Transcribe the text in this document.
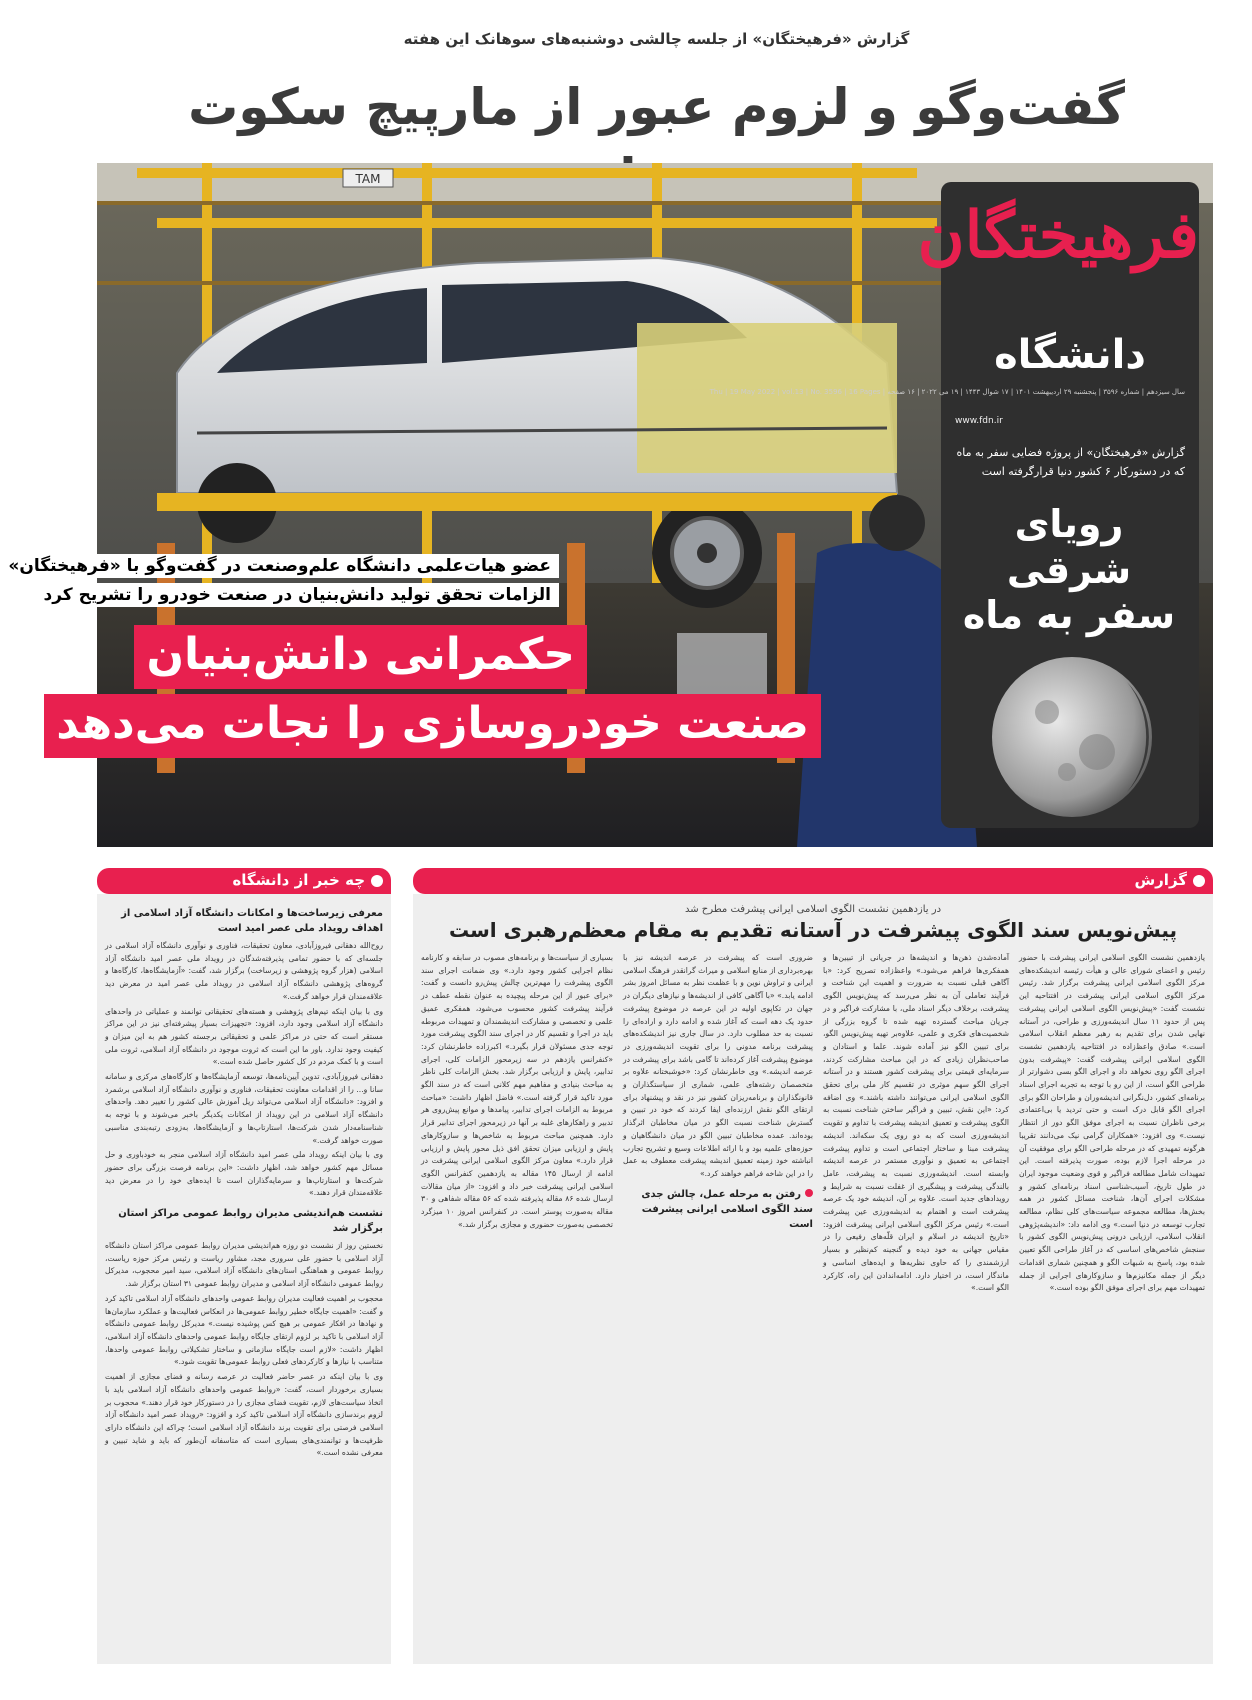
گزارش «فرهیختگان» از جلسه چالشی دوشنبه‌های سوهانک این هفته
گفت‌وگو و لزوم عبور از مارپیچ سکوت
TAM
عضو هیات‌علمی دانشگاه علم‌وصنعت در گفت‌وگو با «فرهیختگان»
الزامات تحقق تولید دانش‌بنیان در صنعت خودرو را تشریح کرد
حکمرانی دانش‌بنیان
صنعت خودروسازی را نجات می‌دهد
فرهیختگان
دانشگاه
سال سیزدهم | شماره ۳۵۹۶ | پنجشنبه ۲۹ اردیبهشت ۱۴۰۱ | ۱۷ شوال ۱۴۴۳ | ۱۹ می ۲۰۲۲ | ۱۶ صفحه | Thu | 19 May 2022 | vol.13 | No. 3596 | 16 Pages
www.fdn.ir
گزارش «فرهیختگان» از پروژه فضایی سفر به ماه که در دستورکار ۶ کشور دنیا قرارگرفته است
رویای شرقی
سفر به ماه
چه خبر از دانشگاه	گزارش
در یازدهمین نشست الگوی اسلامی ایرانی پیشرفت مطرح شد
پیش‌نویس سند الگوی پیشرفت در آستانه تقدیم به مقام معظم‌رهبری است
معرفی زیرساخت‌ها و امکانات دانشگاه آزاد اسلامی از اهداف رویداد ملی عصر امید است

روح‌الله دهقانی فیروزآبادی، معاون تحقیقات، فناوری و نوآوری دانشگاه آزاد اسلامی در جلسه‌ای که با حضور تمامی پذیرفته‌شدگان در رویداد ملی عصر امید دانشگاه آزاد اسلامی (هزار گروه پژوهشی و زیرساخت) برگزار شد، گفت: «آزمایشگاه‌ها، کارگاه‌ها و گروه‌های پژوهشی دانشگاه آزاد اسلامی در رویداد ملی عصر امید در معرض دید علاقه‌مندان قرار خواهد گرفت.»

وی با بیان اینکه تیم‌های پژوهشی و هسته‌های تحقیقاتی توانمند و عملیاتی در واحدهای دانشگاه آزاد اسلامی وجود دارد، افزود: «تجهیزات بسیار پیشرفته‌ای نیز در این مراکز مستقر است که حتی در مراکز علمی و تحقیقاتی برجسته کشور هم به این میزان و کیفیت وجود ندارد. باور ما این است که ثروت موجود در دانشگاه آزاد اسلامی، ثروت ملی است و با کمک مردم در کل کشور حاصل شده است.»

دهقانی فیروزآبادی، تدوین آیین‌نامه‌ها، توسعه آزمایشگاه‌ها و کارگاه‌های مرکزی و سامانه سانا و... را از اقدامات معاونت تحقیقات، فناوری و نوآوری دانشگاه آزاد اسلامی برشمرد و افزود: «دانشگاه آزاد اسلامی می‌تواند ریل آموزش عالی کشور را تغییر دهد. واحدهای دانشگاه آزاد اسلامی در این رویداد از امکانات یکدیگر باخبر می‌شوند و با توجه به شناسنامه‌دار شدن شرکت‌ها، استارتاپ‌ها و آزمایشگاه‌ها، به‌زودی رتبه‌بندی مناسبی صورت خواهد گرفت.»

وی با بیان اینکه رویداد ملی عصر امید دانشگاه آزاد اسلامی منجر به خودباوری و حل مسائل مهم کشور خواهد شد، اظهار داشت: «این برنامه فرصت بزرگی برای حضور شرکت‌ها و استارتاپ‌ها و سرمایه‌گذاران است تا ایده‌های خود را در معرض دید علاقه‌مندان قرار دهند.»

نشست هم‌اندیشی مدیران روابط عمومی مراکز استان برگزار شد

نخستین روز از نشست دو روزه هم‌اندیشی مدیران روابط عمومی مراکز استان دانشگاه آزاد اسلامی با حضور علی سروری مجد، مشاور ریاست و رئیس مرکز حوزه ریاست، روابط عمومی و هماهنگی استان‌های دانشگاه آزاد اسلامی، سید امیر محجوب، مدیرکل روابط عمومی دانشگاه آزاد اسلامی و مدیران روابط عمومی ۳۱ استان برگزار شد.

محجوب بر اهمیت فعالیت مدیران روابط عمومی واحدهای دانشگاه آزاد اسلامی تاکید کرد و گفت: «اهمیت جایگاه خطیر روابط عمومی‌ها در انعکاس فعالیت‌ها و عملکرد سازمان‌ها و نهادها در افکار عمومی بر هیچ کس پوشیده نیست.» مدیرکل روابط عمومی دانشگاه آزاد اسلامی با تاکید بر لزوم ارتقای جایگاه روابط عمومی واحدهای دانشگاه آزاد اسلامی، اظهار داشت: «لازم است جایگاه سازمانی و ساختار تشکیلاتی روابط عمومی واحدها، متناسب با نیازها و کارکردهای فعلی روابط عمومی‌ها تقویت شود.»

وی با بیان اینکه در عصر حاضر فعالیت در عرصه رسانه و فضای مجازی از اهمیت بسیاری برخوردار است، گفت: «روابط عمومی واحدهای دانشگاه آزاد اسلامی باید با اتخاذ سیاست‌های لازم، تقویت فضای مجازی را در دستورکار خود قرار دهند.» محجوب بر لزوم برندسازی دانشگاه آزاد اسلامی تاکید کرد و افزود: «رویداد عصر امید دانشگاه آزاد اسلامی فرصتی برای تقویت برند دانشگاه آزاد اسلامی است؛ چراکه این دانشگاه دارای ظرفیت‌ها و توانمندی‌های بسیاری است که متاسفانه آن‌طور که باید و شاید تبیین و معرفی نشده است.»

یازدهمین نشست الگوی اسلامی ایرانی پیشرفت با حضور رئیس و اعضای شورای عالی و هیأت رئیسه اندیشکده‌های مرکز الگوی اسلامی ایرانی پیشرفت برگزار شد. رئیس مرکز الگوی اسلامی ایرانی پیشرفت در افتتاحیه این نشست گفت: «پیش‌نویس الگوی اسلامی ایرانی پیشرفت پس از حدود ۱۱ سال اندیشه‌ورزی و طراحی، در آستانه نهایی شدن برای تقدیم به رهبر معظم انقلاب اسلامی است.» صادق واعظ‌زاده در افتتاحیه یازدهمین نشست الگوی اسلامی ایرانی پیشرفت گفت: «پیشرفت بدون اجرای الگو روی نخواهد داد و اجرای الگو بسی دشوارتر از طراحی الگو است، از این رو با توجه به تجربه اجرای اسناد برنامه‌ای کشور، دل‌نگرانی اندیشه‌وران و طراحان الگو برای اجرای الگو قابل درک است و حتی تردید یا بی‌اعتمادی برخی ناظران نسبت به اجرای موفق الگو دور از انتظار نیست.» وی افزود: «همکاران گرامی نیک می‌دانند تقریبا هرگونه تمهیدی که در مرحله طراحی الگو برای موفقیت آن در مرحله اجرا لازم بوده، صورت پذیرفته است. این تمهیدات شامل مطالعه فراگیر و قوی وضعیت موجود ایران در طول تاریخ، آسیب‌شناسی اسناد برنامه‌ای کشور و مشکلات اجرای آن‌ها، شناخت مسائل کشور در همه بخش‌ها، مطالعه مجموعه سیاست‌های کلی نظام، مطالعه تجارب توسعه در دنیا است.» وی ادامه داد: «اندیشه‌پژوهی انقلاب اسلامی، ارزیابی درونی پیش‌نویس الگوی کشور با سنجش شاخص‌های اساسی که در آغاز طراحی الگو تعیین شده بود، پاسخ به شبهات الگو و همچنین شماری اقدامات دیگر از جمله مکانیزم‌ها و سازوکارهای اجرایی از جمله تمهیدات مهم برای اجرای موفق الگو بوده است.»

آماده‌شدن ذهن‌ها و اندیشه‌ها در جریانی از تبیین‌ها و همفکری‌ها فراهم می‌شود.» واعظ‌زاده تصریح کرد: «با آگاهی قبلی نسبت به ضرورت و اهمیت این شناخت و فرآیند تعاملی آن به نظر می‌رسد که پیش‌نویس الگوی پیشرفت، برخلاف دیگر اسناد ملی، با مشارکت فراگیر و در جریان مباحث گسترده تهیه شده تا گروه بزرگی از شخصیت‌های فکری و علمی، علاوه‌بر تهیه پیش‌نویس الگو، برای تبیین الگو نیز آماده شوند. علما و استادان و صاحب‌نظران زیادی که در این مباحث مشارکت کردند، سرمایه‌ای قیمتی برای پیشرفت کشور هستند و در آستانه اجرای الگو سهم موثری در تقسیم کار ملی برای تحقق الگوی اسلامی ایرانی می‌توانند داشته باشند.» وی اضافه کرد: «این نقش، تبیین و فراگیر ساختن شناخت نسبت به الگوی پیشرفت و تعمیق اندیشه پیشرفت با تداوم و تقویت اندیشه‌ورزی است که به دو روی یک سکه‌اند. اندیشه پیشرفت مبنا و ساختار اجتماعی است و تداوم پیشرفت اجتماعی به تعمیق و نوآوری مستمر در عرصه اندیشه وابسته است. اندیشه‌ورزی نسبت به پیشرفت، عامل بالندگی پیشرفت و پیشگیری از غفلت نسبت به شرایط و رویدادهای جدید است. علاوه بر آن، اندیشه خود یک عرصه پیشرفت است و اهتمام به اندیشه‌ورزی عین پیشرفت است.» رئیس مرکز الگوی اسلامی ایرانی پیشرفت افزود: «تاریخ اندیشه در اسلام و ایران قلّه‌های رفیعی را در مقیاس جهانی به خود دیده و گنجینه کم‌نظیر و بسیار ارزشمندی را که حاوی نظریه‌ها و ایده‌های اساسی و ماندگار است، در اختیار دارد. ادامه‌اندادن این راه، کارکرد الگو است.»

ضروری است که پیشرفت در عرصه اندیشه نیز با بهره‌برداری از منابع اسلامی و میراث گرانقدر فرهنگ اسلامی ایرانی و تراوش نوین و با عظمت نظر به مسائل امروز بشر ادامه یابد.» «با آگاهی کافی از اندیشه‌ها و نیازهای دیگران در جهان در تکاپوی اولیه در این عرصه در موضوع پیشرفت حدود یک دهه است که آغاز شده و ادامه دارد و اراده‌ای را نسبت به حد مطلوب دارد. در سال جاری نیز اندیشکده‌های پیشرفت برنامه مدونی را برای تقویت اندیشه‌ورزی در موضوع پیشرفت آغاز کرده‌اند تا گامی باشد برای پیشرفت در عرصه اندیشه.» وی خاطرنشان کرد: «خوشبختانه علاوه بر متخصصان رشته‌های علمی، شماری از سیاستگذاران و قانونگذاران و برنامه‌ریزان کشور نیز در نقد و پیشنهاد برای ارتقای الگو نقش ارزنده‌ای ایفا کردند که خود در تبیین و گسترش شناخت نسبت الگو در میان مخاطبان اثرگذار بوده‌اند. عمده مخاطبان تبیین الگو در میان دانشگاهیان و حوزه‌های علمیه بود و با ارائه اطلاعات وسیع و تشریح تجارب انباشته خود زمینه تعمیق اندیشه پیشرفت معطوف به عمل را در این شاخه فراهم خواهند کرد.»

رفتن به مرحله عمل، چالش جدی سند الگوی اسلامی ایرانی پیشرفت است

بسیاری از سیاست‌ها و برنامه‌های مصوب در سابقه و کارنامه نظام اجرایی کشور وجود دارد.» وی ضمانت اجرای سند الگوی پیشرفت را مهم‌ترین چالش پیش‌رو دانست و گفت: «برای عبور از این مرحله پیچیده به عنوان نقطه عطف در فرآیند پیشرفت کشور محسوب می‌شود، همفکری عمیق علمی و تخصصی و مشارکت اندیشمندان و تمهیدات مربوطه باید در اجرا و تقسیم کار در اجرای سند الگوی پیشرفت مورد توجه جدی مسئولان قرار بگیرد.» اکبرزاده خاطرنشان کرد: «کنفرانس یازدهم در سه زیرمحور الزامات کلی، اجرای تدابیر، پایش و ارزیابی برگزار شد. بخش الزامات کلی ناظر به مباحث بنیادی و مفاهیم مهم کلانی است که در سند الگو مورد تاکید قرار گرفته است.» فاضل اظهار داشت: «مباحث مربوط به الزامات اجرای تدابیر، پیامدها و موانع پیش‌روی هر تدبیر و راهکارهای غلبه بر آنها در زیرمحور اجرای تدابیر قرار دارد. همچنین مباحث مربوط به شاخص‌ها و سازوکارهای پایش و ارزیابی میزان تحقق افق ذیل محور پایش و ارزیابی قرار دارد.» معاون مرکز الگوی اسلامی ایرانی پیشرفت در ادامه از ارسال ۱۴۵ مقاله به یازدهمین کنفرانس الگوی اسلامی ایرانی پیشرفت خبر داد و افزود: «از میان مقالات ارسال شده ۸۶ مقاله پذیرفته شده که ۵۶ مقاله شفاهی و ۳۰ مقاله به‌صورت پوستر است. در کنفرانس امروز ۱۰ میزگرد تخصصی به‌صورت حضوری و مجازی برگزار شد.»
